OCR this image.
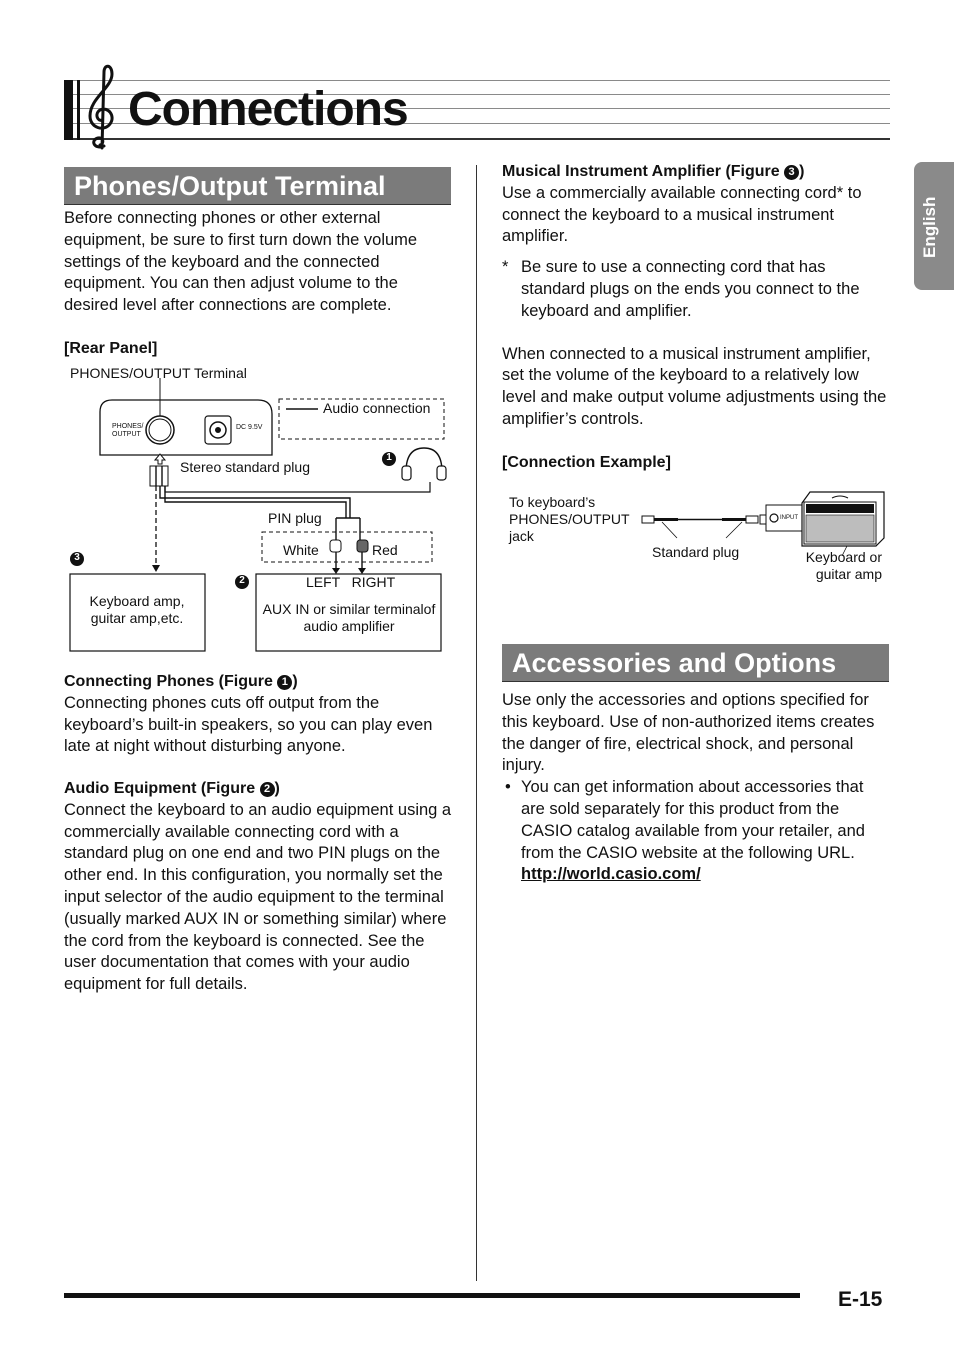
Connections
English
Phones/Output Terminal

Before connecting phones or other external equipment, be sure to first turn down the volume settings of the keyboard and the connected equipment. You can then adjust volume to the desired level after connections are complete.

[Rear Panel]
PHONES/OUTPUT Terminal
PHONES/
OUTPUT
DC 9.5V
Audio connection
Stereo standard plug
PIN plug
White	Red
LEFT   RIGHT
AUX IN or similar terminalof audio amplifier
Keyboard amp, guitar amp,etc.
1
2
3

Connecting Phones (Figure 1 )

Connecting phones cuts off output from the keyboard’s built-in speakers, so you can play even late at night without disturbing anyone.

Audio Equipment (Figure 2 )

Connect the keyboard to an audio equipment using a commercially available connecting cord with a standard plug on one end and two PIN plugs on the other end. In this configuration, you normally set the input selector of the audio equipment to the terminal (usually marked AUX IN or something similar) where the cord from the keyboard is connected. See the user documentation that comes with your audio equipment for full details.

Musical Instrument Amplifier (Figure 3 )

Use a commercially available connecting cord* to connect the keyboard to a musical instrument amplifier.

* Be sure to use a connecting cord that has standard plugs on the ends you connect to the keyboard and amplifier.

When connected to a musical instrument amplifier, set the volume of the keyboard to a relatively low level and make output volume adjustments using the amplifier’s controls.

[Connection Example]

To keyboard’s PHONES/OUTPUT jack
Standard plug
INPUT
Keyboard or guitar amp
Accessories and Options

Use only the accessories and options specified for this keyboard. Use of non-authorized items creates the danger of fire, electrical shock, and personal injury.

• You can get information about accessories that are sold separately for this product from the CASIO catalog available from your retailer, and from the CASIO website at the following URL.
http://world.casio.com/
E-15
